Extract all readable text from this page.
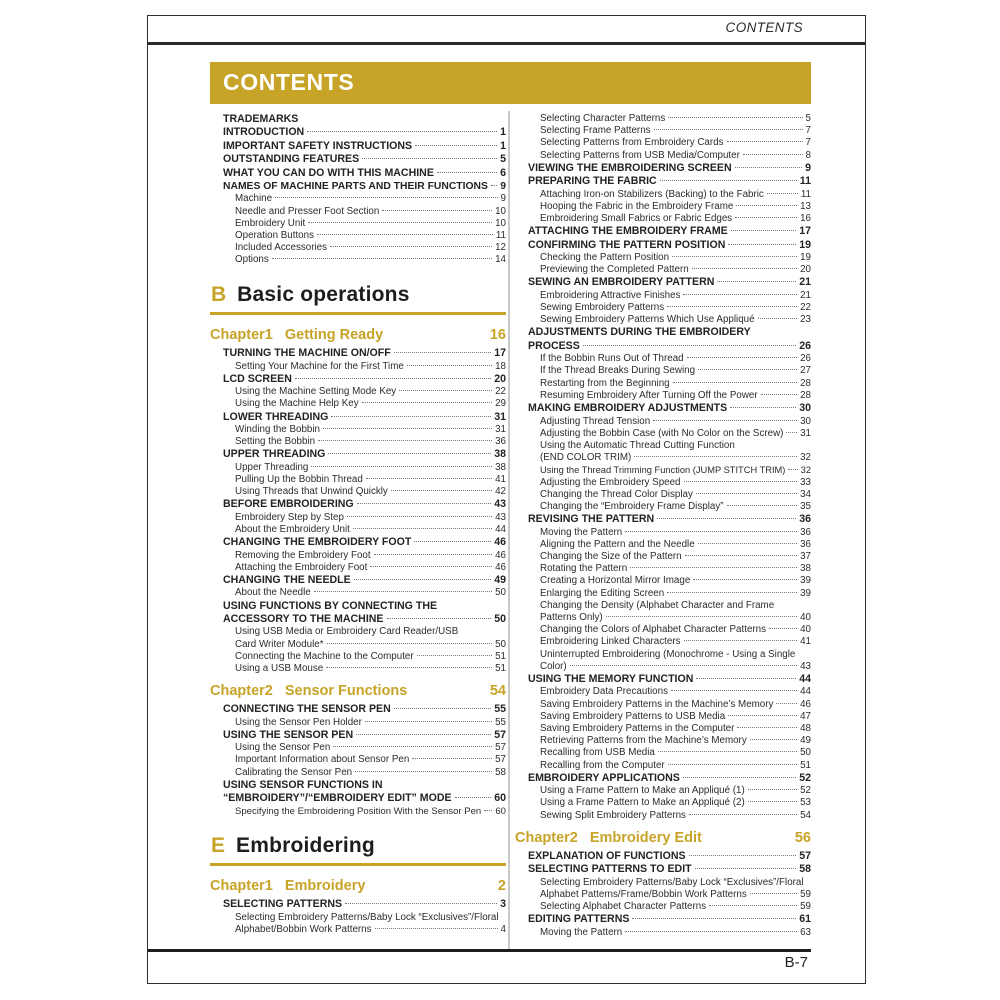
CONTENTS
CONTENTS
TRADEMARKS
INTRODUCTION	1
IMPORTANT SAFETY INSTRUCTIONS	1
OUTSTANDING FEATURES	5
WHAT YOU CAN DO WITH THIS MACHINE	6
NAMES OF MACHINE PARTS AND THEIR FUNCTIONS 9
Machine	9
Needle and Presser Foot Section	10
Embroidery Unit	10
Operation Buttons	11
Included Accessories	12
Options	14
B Basic operations
Chapter1 Getting Ready	16
TURNING THE MACHINE ON/OFF	17
Setting Your Machine for the First Time	18
LCD SCREEN	20
Using the Machine Setting Mode Key	22
Using the Machine Help Key	29
LOWER THREADING	31
Winding the Bobbin	31
Setting the Bobbin	36
UPPER THREADING	38
Upper Threading	38
Pulling Up the Bobbin Thread	41
Using Threads that Unwind Quickly	42
BEFORE EMBROIDERING	43
Embroidery Step by Step	43
About the Embroidery Unit	44
CHANGING THE EMBROIDERY FOOT	46
Removing the Embroidery Foot	46
Attaching the Embroidery Foot	46
CHANGING THE NEEDLE	49
About the Needle	50
USING FUNCTIONS BY CONNECTING THE
ACCESSORY TO THE MACHINE	50
Using USB Media or Embroidery Card Reader/USB
Card Writer Module*	50
Connecting the Machine to the Computer	51
Using a USB Mouse	51
Chapter2 Sensor Functions	54
CONNECTING THE SENSOR PEN	55
Using the Sensor Pen Holder	55
USING THE SENSOR PEN	57
Using the Sensor Pen	57
Important Information about Sensor Pen	57
Calibrating the Sensor Pen	58
USING SENSOR FUNCTIONS IN
“EMBROIDERY”/“EMBROIDERY EDIT” MODE	60
Specifying the Embroidering Position With the Sensor Pen 60
E Embroidering
Chapter1 Embroidery	2
SELECTING PATTERNS	3
Selecting Embroidery Patterns/Baby Lock “Exclusives”/Floral
Alphabet/Bobbin Work Patterns	4
Selecting Character Patterns	5
Selecting Frame Patterns	7
Selecting Patterns from Embroidery Cards	7
Selecting Patterns from USB Media/Computer	8
VIEWING THE EMBROIDERING SCREEN	9
PREPARING THE FABRIC	11
Attaching Iron-on Stabilizers (Backing) to the Fabric	11
Hooping the Fabric in the Embroidery Frame	13
Embroidering Small Fabrics or Fabric Edges	16
ATTACHING THE EMBROIDERY FRAME	17
CONFIRMING THE PATTERN POSITION	19
Checking the Pattern Position	19
Previewing the Completed Pattern	20
SEWING AN EMBROIDERY PATTERN	21
Embroidering Attractive Finishes	21
Sewing Embroidery Patterns	22
Sewing Embroidery Patterns Which Use Appliqué	23
ADJUSTMENTS DURING THE EMBROIDERY
PROCESS	26
If the Bobbin Runs Out of Thread	26
If the Thread Breaks During Sewing	27
Restarting from the Beginning	28
Resuming Embroidery After Turning Off the Power	28
MAKING EMBROIDERY ADJUSTMENTS	30
Adjusting Thread Tension	30
Adjusting the Bobbin Case (with No Color on the Screw) 31
Using the Automatic Thread Cutting Function
(END COLOR TRIM)	32
Using the Thread Trimming Function (JUMP STITCH TRIM) 32
Adjusting the Embroidery Speed	33
Changing the Thread Color Display	34
Changing the “Embroidery Frame Display”	35
REVISING THE PATTERN	36
Moving the Pattern	36
Aligning the Pattern and the Needle	36
Changing the Size of the Pattern	37
Rotating the Pattern	38
Creating a Horizontal Mirror Image	39
Enlarging the Editing Screen	39
Changing the Density (Alphabet Character and Frame
Patterns Only)	40
Changing the Colors of Alphabet Character Patterns	40
Embroidering Linked Characters	41
Uninterrupted Embroidering (Monochrome - Using a Single
Color)	43
USING THE MEMORY FUNCTION	44
Embroidery Data Precautions	44
Saving Embroidery Patterns in the Machine’s Memory	46
Saving Embroidery Patterns to USB Media	47
Saving Embroidery Patterns in the Computer	48
Retrieving Patterns from the Machine’s Memory	49
Recalling from USB Media	50
Recalling from the Computer	51
EMBROIDERY APPLICATIONS	52
Using a Frame Pattern to Make an Appliqué (1)	52
Using a Frame Pattern to Make an Appliqué (2)	53
Sewing Split Embroidery Patterns	54
Chapter2 Embroidery Edit	56
EXPLANATION OF FUNCTIONS	57
SELECTING PATTERNS TO EDIT	58
Selecting Embroidery Patterns/Baby Lock “Exclusives”/Floral
Alphabet Patterns/Frame/Bobbin Work Patterns	59
Selecting Alphabet Character Patterns	59
EDITING PATTERNS	61
Moving the Pattern	63
B-7
